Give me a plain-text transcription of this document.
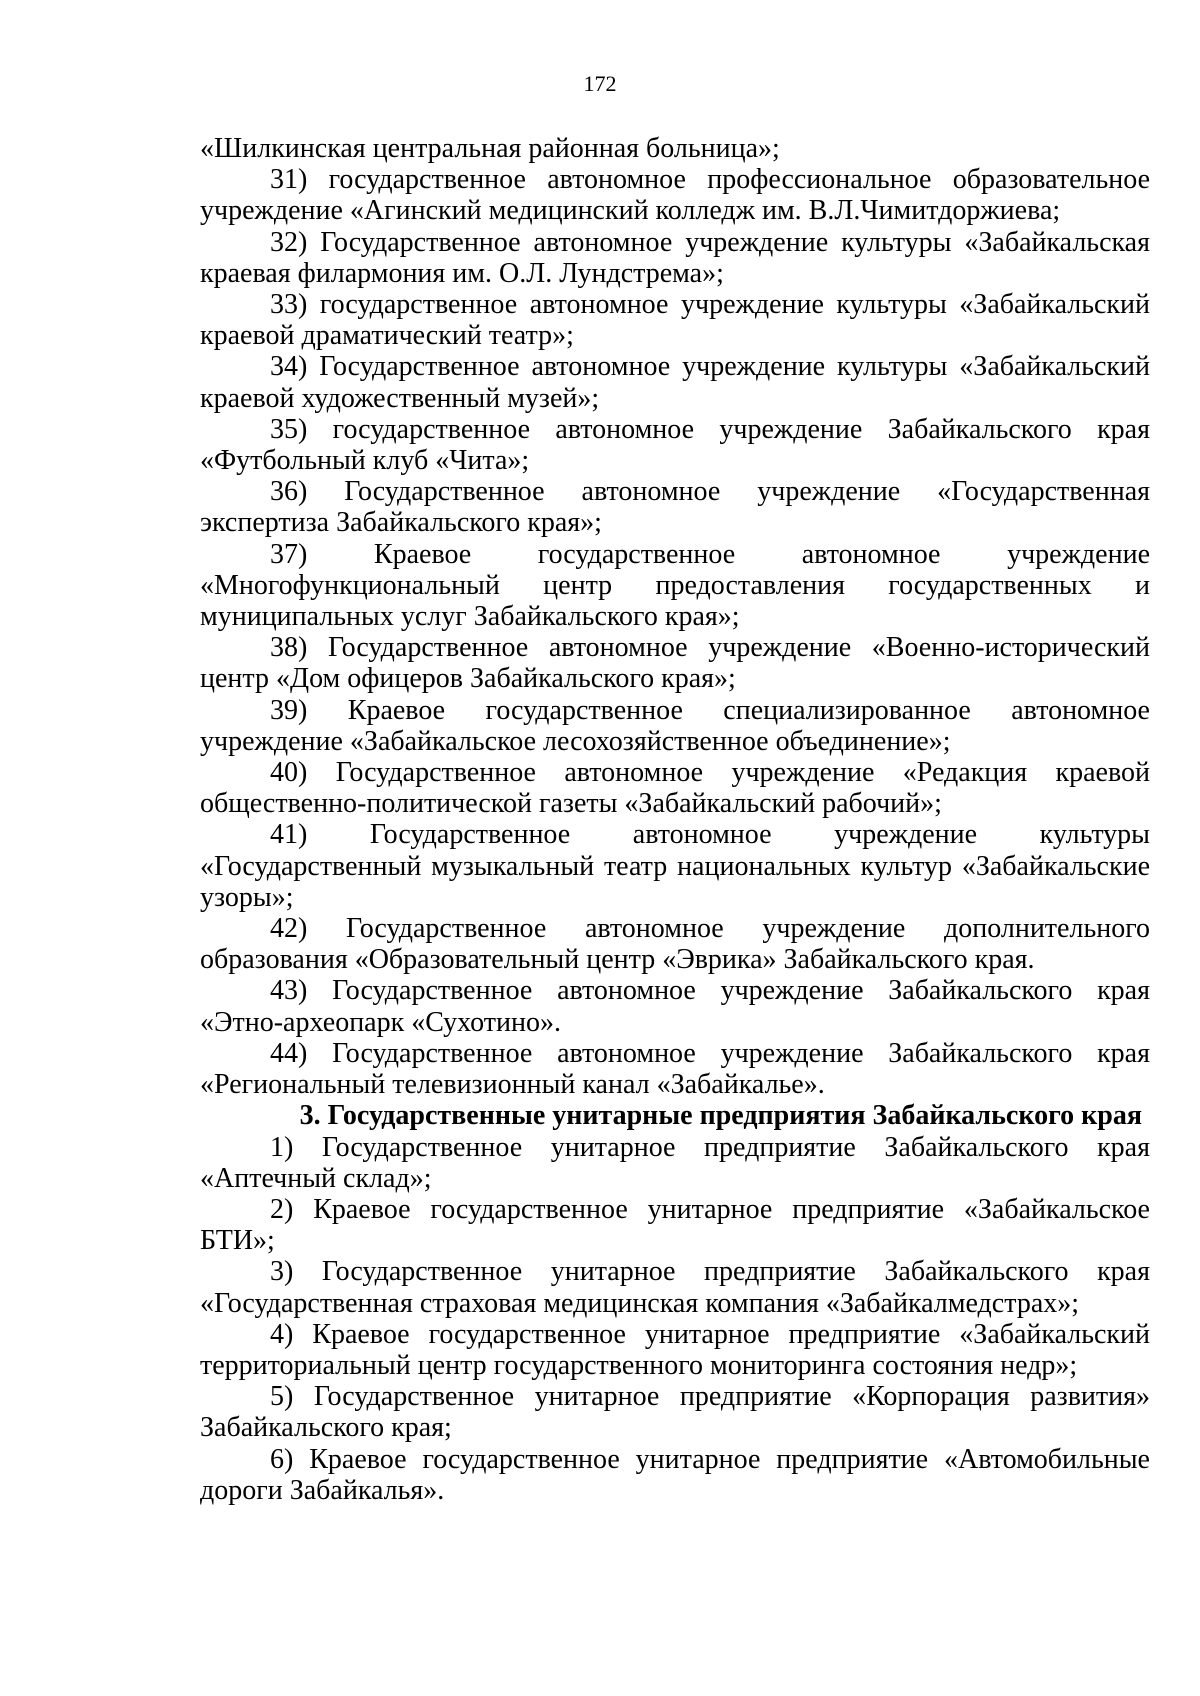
172

«Шилкинская центральная районная больница»;

31) государственное автономное профессиональное образовательное учреждение «Агинский медицинский колледж им. В.Л.Чимитдоржиева;

32) Государственное автономное учреждение культуры «Забайкальская краевая филармония им. О.Л. Лундстрема»;

33) государственное автономное учреждение культуры «Забайкальский краевой драматический театр»;

34) Государственное автономное учреждение культуры «Забайкальский краевой художественный музей»;

35) государственное автономное учреждение Забайкальского края «Футбольный клуб «Чита»;

36) Государственное автономное учреждение «Государственная экспертиза Забайкальского края»;

37) Краевое государственное автономное учреждение «Многофункциональный центр предоставления государственных и муниципальных услуг Забайкальского края»;

38) Государственное автономное учреждение «Военно-исторический центр «Дом офицеров Забайкальского края»;

39) Краевое государственное специализированное автономное учреждение «Забайкальское лесохозяйственное объединение»;

40) Государственное автономное учреждение «Редакция краевой общественно-политической газеты «Забайкальский рабочий»;

41) Государственное автономное учреждение культуры «Государственный музыкальный театр национальных культур «Забайкальские узоры»;

42) Государственное автономное учреждение дополнительного образования «Образовательный центр «Эврика» Забайкальского края.

43) Государственное автономное учреждение Забайкальского края «Этно-археопарк «Сухотино».

44) Государственное автономное учреждение Забайкальского края «Региональный телевизионный канал «Забайкалье».

3. Государственные унитарные предприятия Забайкальского края

1) Государственное унитарное предприятие Забайкальского края «Аптечный склад»;

2) Краевое государственное унитарное предприятие «Забайкальское БТИ»;

3) Государственное унитарное предприятие Забайкальского края «Государственная страховая медицинская компания «Забайкалмедстрах»;

4) Краевое государственное унитарное предприятие «Забайкальский территориальный центр государственного мониторинга состояния недр»;

5) Государственное унитарное предприятие «Корпорация развития» Забайкальского края;

6) Краевое государственное унитарное предприятие «Автомобильные дороги Забайкалья».
